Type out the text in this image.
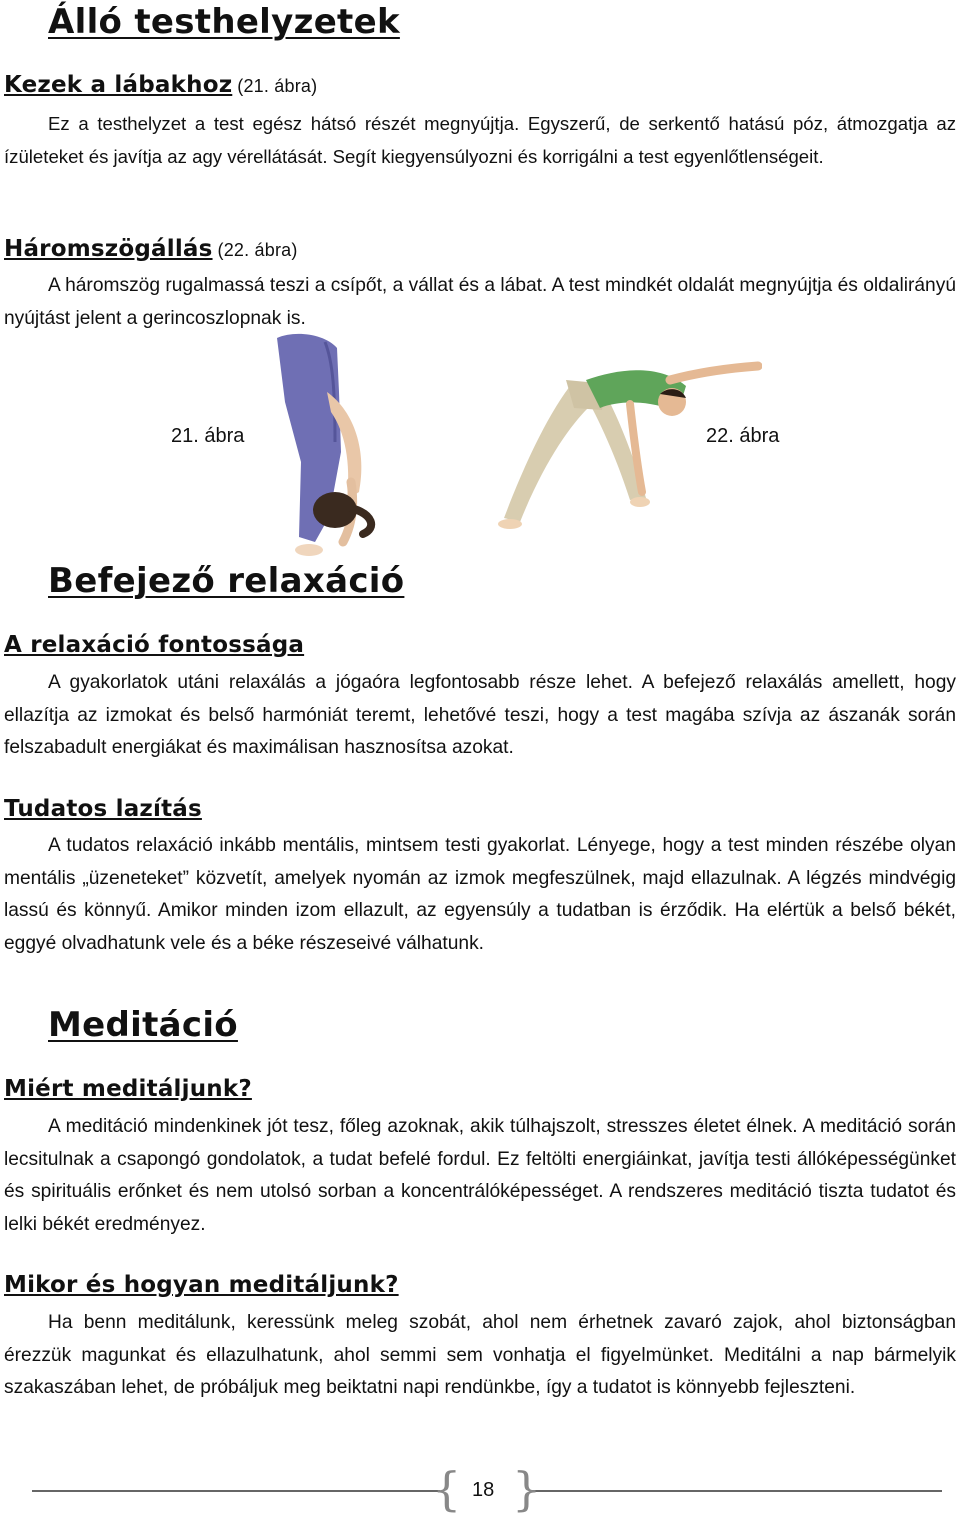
Álló testhelyzetek
Kezek a lábakhoz (21. ábra)
Ez a testhelyzet a test egész hátsó részét megnyújtja. Egyszerű, de serkentő hatású póz, átmozgatja az ízületeket és javítja az agy vérellátását. Segít kiegyensúlyozni és korrigálni a test egyenlőtlenségeit.
Háromszögállás (22. ábra)
A háromszög rugalmassá teszi a csípőt, a vállat és a lábat. A test mindkét oldalát megnyújtja és oldalirányú nyújtást jelent a gerincoszlopnak is.
21. ábra	22. ábra
Befejező relaxáció
A relaxáció fontossága
A gyakorlatok utáni relaxálás a jógaóra legfontosabb része lehet. A befejező relaxálás amellett, hogy ellazítja az izmokat és belső harmóniát teremt, lehetővé teszi, hogy a test magába szívja az ászanák során felszabadult energiákat és maximálisan hasznosítsa azokat.
Tudatos lazítás
A tudatos relaxáció inkább mentális, mintsem testi gyakorlat. Lényege, hogy a test minden részébe olyan mentális „üzeneteket” közvetít, amelyek nyomán az izmok megfeszülnek, majd ellazulnak. A légzés mindvégig lassú és könnyű. Amikor minden izom ellazult, az egyensúly a tudatban is érződik. Ha elértük a belső békét, eggyé olvadhatunk vele és a béke részeseivé válhatunk.
Meditáció
Miért meditáljunk?
A meditáció mindenkinek jót tesz, főleg azoknak, akik túlhajszolt, stresszes életet élnek. A meditáció során lecsitulnak a csapongó gondolatok, a tudat befelé fordul. Ez feltölti energiáinkat, javítja testi állóképességünket és spirituális erőnket és nem utolsó sorban a koncentrálóképességet. A rendszeres meditáció tiszta tudatot és lelki békét eredményez.
Mikor és hogyan meditáljunk?
Ha benn meditálunk, keressünk meleg szobát, ahol nem érhetnek zavaró zajok, ahol biztonságban érezzük magunkat és ellazulhatunk, ahol semmi sem vonhatja el figyelmünket. Meditálni a nap bármelyik szakaszában lehet, de próbáljuk meg beiktatni napi rendünkbe, így a tudatot is könnyebb fejleszteni.
{ }
18
